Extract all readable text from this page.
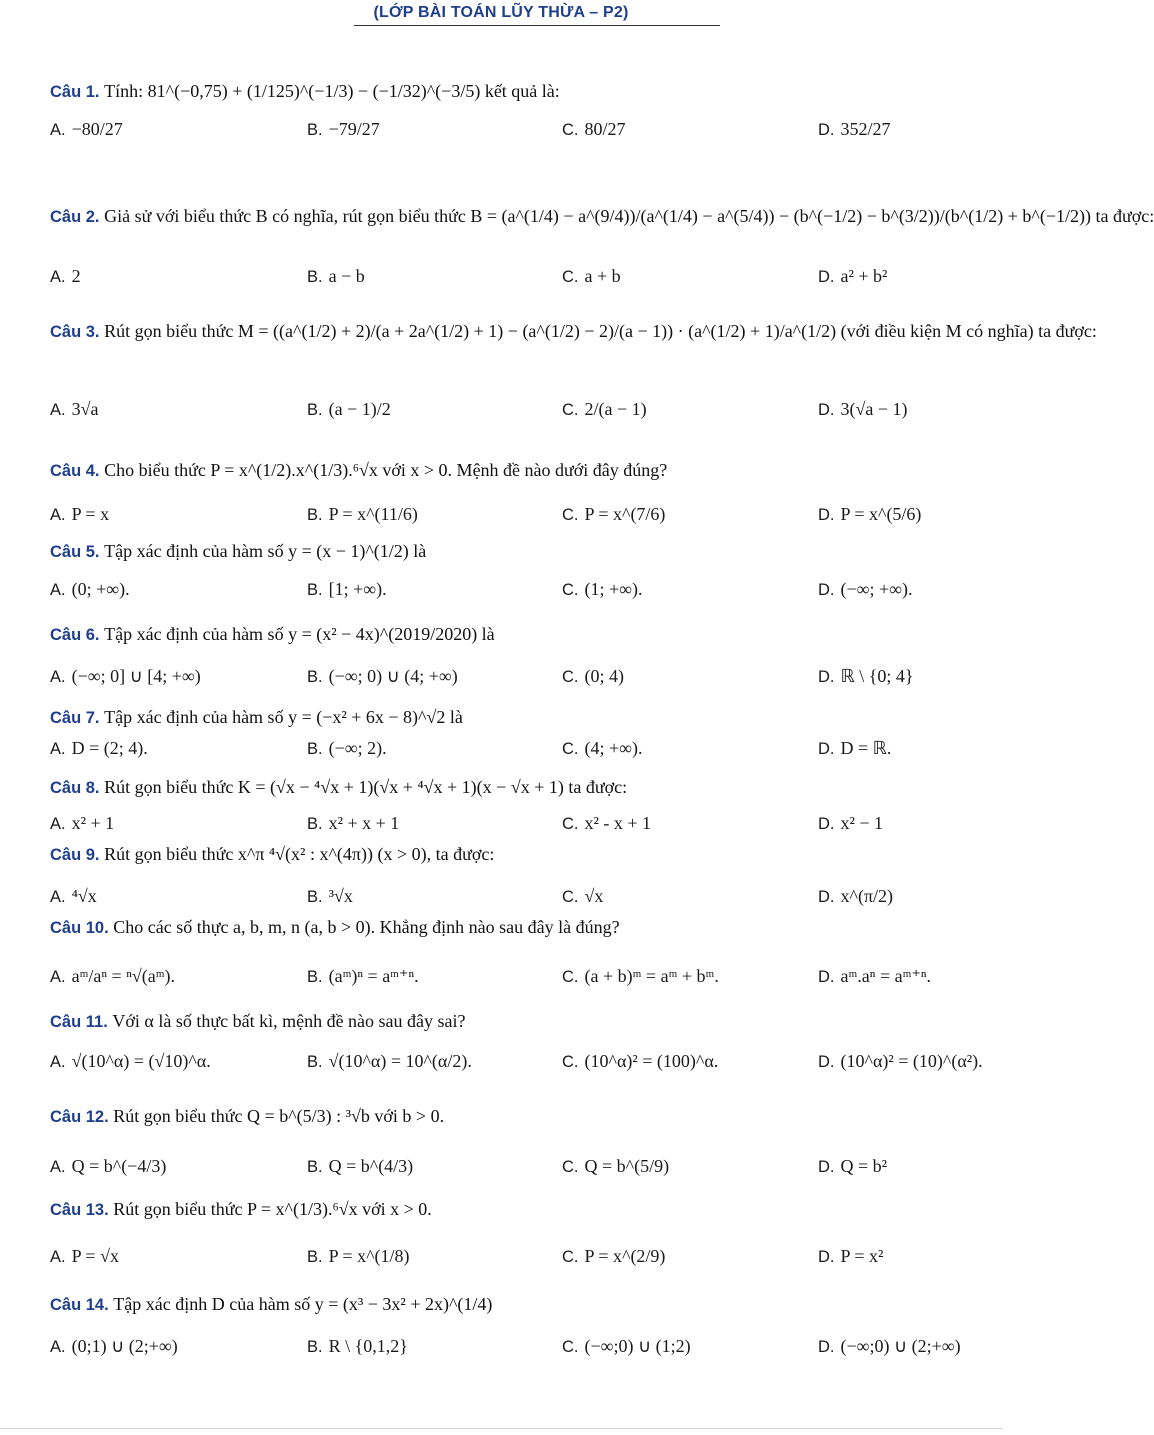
(LỚP BÀI TOÁN LŨY THỪA – P2)
Câu 1. Tính: 81^(−0,75) + (1/125)^(−1/3) − (−1/32)^(−3/5) kết quả là:
A. −80/27	B. −79/27	C. 80/27	D. 352/27
Câu 2. Giả sử với biểu thức B có nghĩa, rút gọn biểu thức B = (a^(1/4) − a^(9/4))/(a^(1/4) − a^(5/4)) − (b^(−1/2) − b^(3/2))/(b^(1/2) + b^(−1/2)) ta được:
A. 2	B. a − b	C. a + b	D. a² + b²
Câu 3. Rút gọn biểu thức M = ((a^(1/2) + 2)/(a + 2a^(1/2) + 1) − (a^(1/2) − 2)/(a − 1)) · (a^(1/2) + 1)/a^(1/2) (với điều kiện M có nghĩa) ta được:
A. 3√a	B. (a − 1)/2	C. 2/(a − 1)	D. 3(√a − 1)
Câu 4. Cho biểu thức P = x^(1/2).x^(1/3).⁶√x với x > 0. Mệnh đề nào dưới đây đúng?
A. P = x	B. P = x^(11/6)	C. P = x^(7/6)	D. P = x^(5/6)
Câu 5. Tập xác định của hàm số y = (x − 1)^(1/2) là
A. (0; +∞).	B. [1; +∞).	C. (1; +∞).	D. (−∞; +∞).
Câu 6. Tập xác định của hàm số y = (x² − 4x)^(2019/2020) là
A. (−∞; 0] ∪ [4; +∞)	B. (−∞; 0) ∪ (4; +∞)	C. (0; 4)	D. ℝ \ {0; 4}
Câu 7. Tập xác định của hàm số y = (−x² + 6x − 8)^√2 là
A. D = (2; 4).	B. (−∞; 2).	C. (4; +∞).	D. D = ℝ.
Câu 8. Rút gọn biểu thức K = (√x − ⁴√x + 1)(√x + ⁴√x + 1)(x − √x + 1) ta được:
A. x² + 1	B. x² + x + 1	C. x² - x + 1	D. x² − 1
Câu 9. Rút gọn biểu thức x^π ⁴√(x² : x^(4π)) (x > 0), ta được:
A. ⁴√x	B. ³√x	C. √x	D. x^(π/2)
Câu 10. Cho các số thực a, b, m, n (a, b > 0). Khẳng định nào sau đây là đúng?
A. aᵐ/aⁿ = ⁿ√(aᵐ).	B. (aᵐ)ⁿ = aᵐ⁺ⁿ.	C. (a + b)ᵐ = aᵐ + bᵐ.	D. aᵐ.aⁿ = aᵐ⁺ⁿ.
Câu 11. Với α là số thực bất kì, mệnh đề nào sau đây sai?
A. √(10^α) = (√10)^α.	B. √(10^α) = 10^(α/2).	C. (10^α)² = (100)^α.	D. (10^α)² = (10)^(α²).
Câu 12. Rút gọn biểu thức Q = b^(5/3) : ³√b với b > 0.
A. Q = b^(−4/3)	B. Q = b^(4/3)	C. Q = b^(5/9)	D. Q = b²
Câu 13. Rút gọn biểu thức P = x^(1/3).⁶√x với x > 0.
A. P = √x	B. P = x^(1/8)	C. P = x^(2/9)	D. P = x²
Câu 14. Tập xác định D của hàm số y = (x³ − 3x² + 2x)^(1/4)
A. (0;1) ∪ (2;+∞)	B. R \ {0,1,2}	C. (−∞;0) ∪ (1;2)	D. (−∞;0) ∪ (2;+∞)
